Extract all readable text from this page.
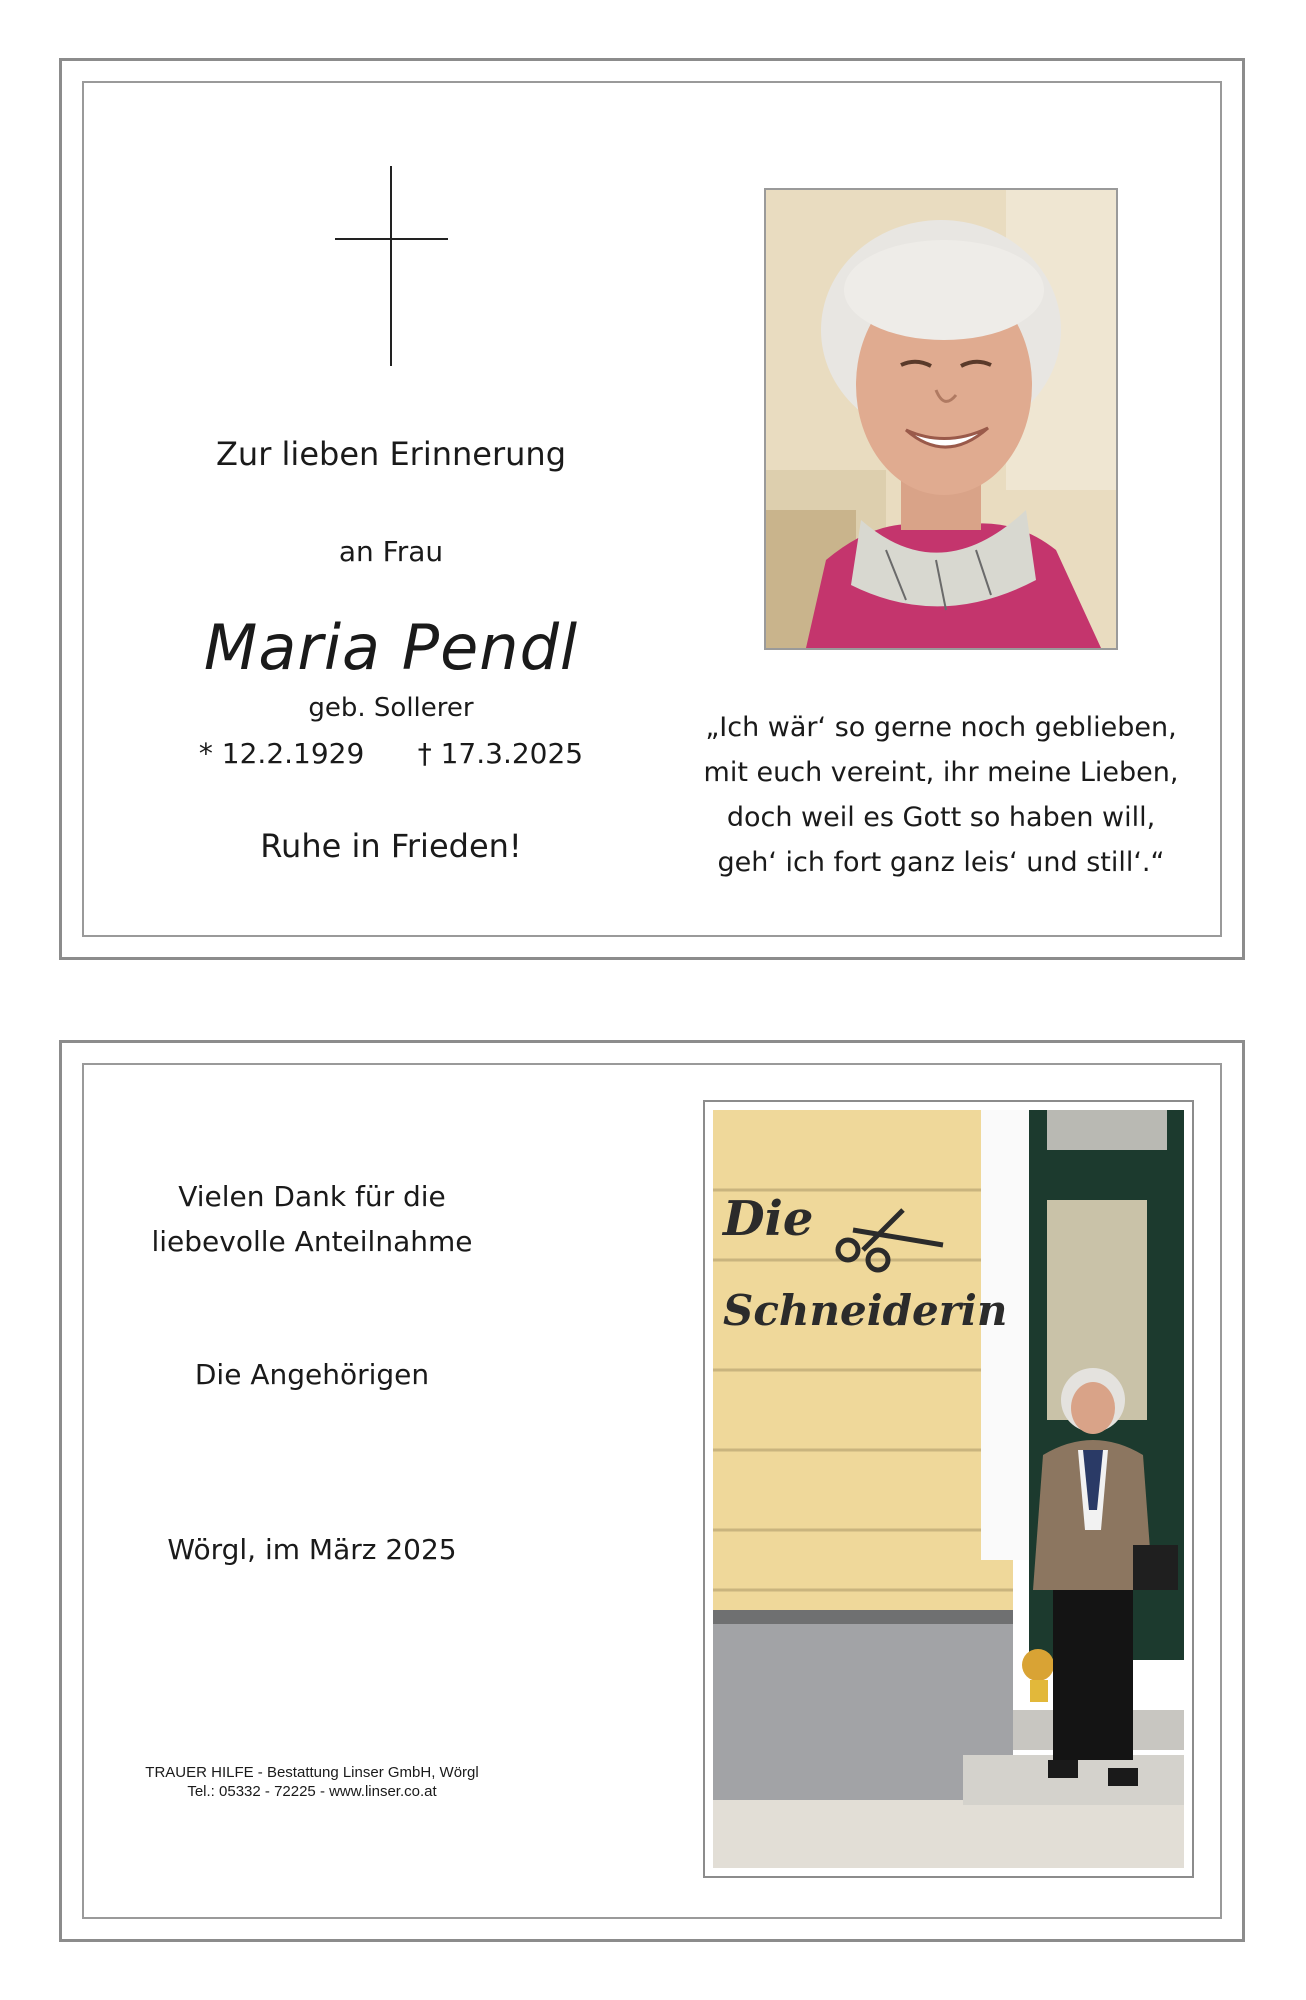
Zur lieben Erinnerung
an Frau
Maria Pendl
geb. Sollerer
* 12.2.1929 † 17.3.2025
Ruhe in Frieden!
„Ich wär‘ so gerne noch geblieben,
mit euch vereint, ihr meine Lieben,
doch weil es Gott so haben will,
geh‘ ich fort ganz leis‘ und still‘.“
Vielen Dank für die
liebevolle Anteilnahme
Die Angehörigen
Wörgl, im März 2025
TRAUER HILFE - Bestattung Linser GmbH, Wörgl
Tel.: 05332 - 72225 - www.linser.co.at
Die
Schneiderin
